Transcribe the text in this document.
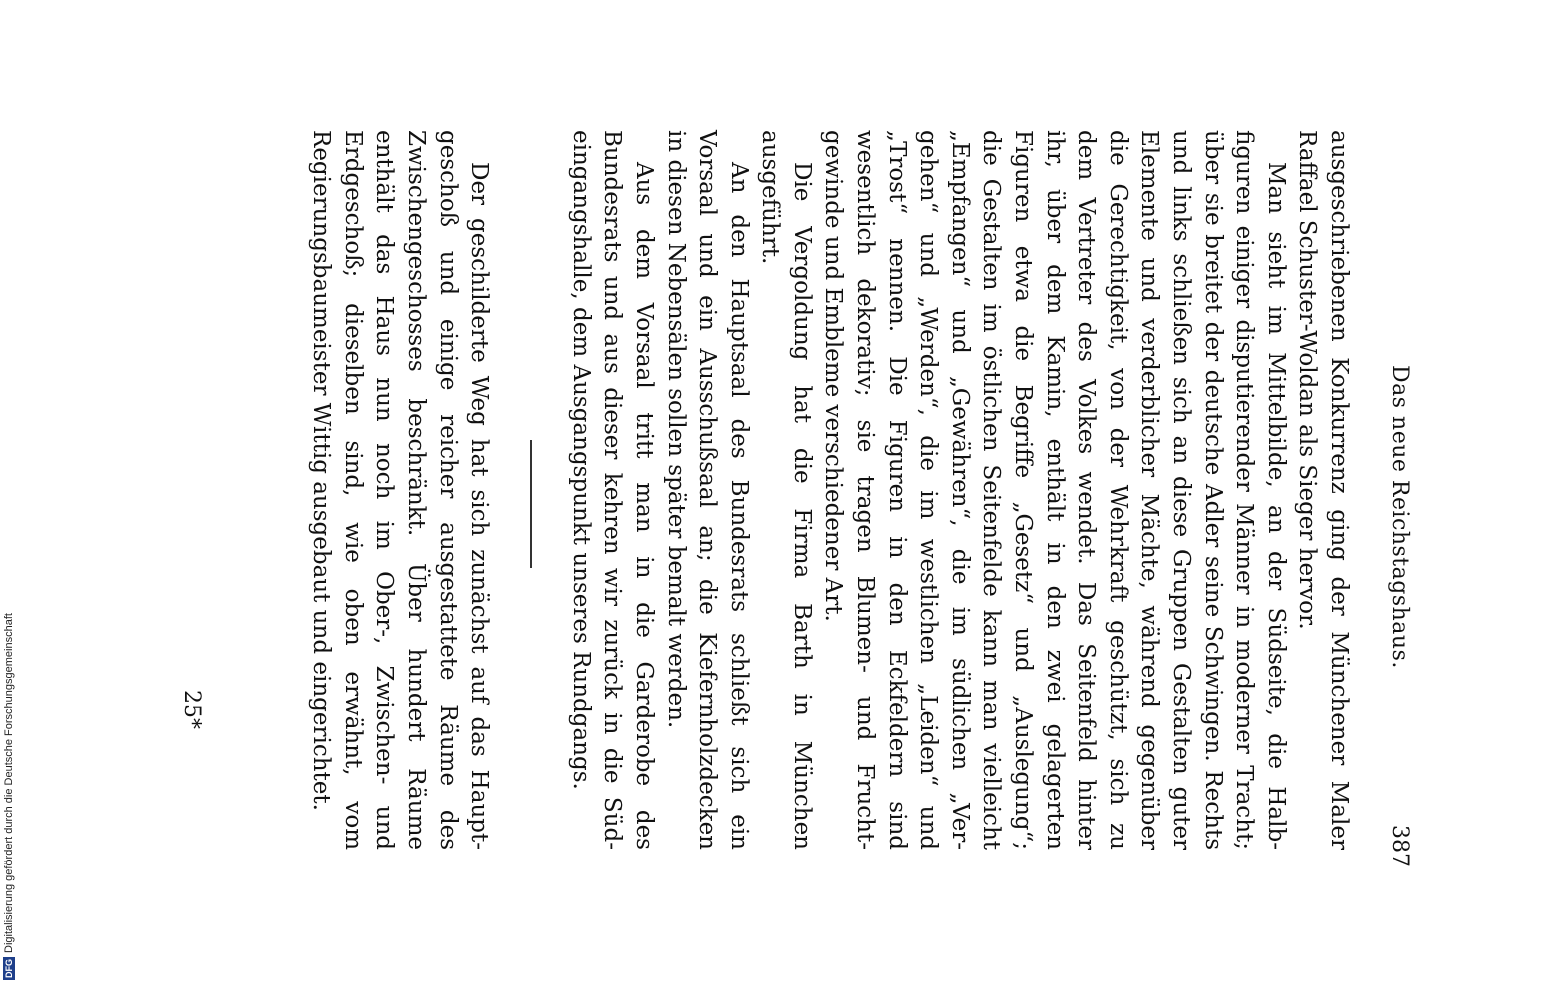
Das neue Reichstagshaus.
387
ausgeschriebenen Konkurrenz ging der Münchener Maler
Raffael Schuster-Woldan als Sieger hervor.
Man sieht im Mittelbilde, an der Südseite, die Halb-
figuren einiger disputierender Männer in moderner Tracht;
über sie breitet der deutsche Adler seine Schwingen. Rechts
und links schließen sich an diese Gruppen Gestalten guter
Elemente und verderblicher Mächte, während gegenüber
die Gerechtigkeit, von der Wehrkraft geschützt, sich zu
dem Vertreter des Volkes wendet. Das Seitenfeld hinter
ihr, über dem Kamin, enthält in den zwei gelagerten
Figuren etwa die Begriffe „Gesetz“ und „Auslegung“;
die Gestalten im östlichen Seitenfelde kann man vielleicht
„Empfangen“ und „Gewähren“, die im südlichen „Ver-
gehen“ und „Werden“, die im westlichen „Leiden“ und
„Trost“ nennen. Die Figuren in den Eckfeldern sind
wesentlich dekorativ; sie tragen Blumen- und Frucht-
gewinde und Embleme verschiedener Art.
Die Vergoldung hat die Firma Barth in München
ausgeführt.
An den Hauptsaal des Bundesrats schließt sich ein
Vorsaal und ein Ausschußsaal an; die Kiefernholzdecken
in diesen Nebensälen sollen später bemalt werden.
Aus dem Vorsaal tritt man in die Garderobe des
Bundesrats und aus dieser kehren wir zurück in die Süd-
eingangshalle, dem Ausgangspunkt unseres Rundgangs.
Der geschilderte Weg hat sich zunächst auf das Haupt-
geschoß und einige reicher ausgestattete Räume des
Zwischengeschosses beschränkt. Über hundert Räume
enthält das Haus nun noch im Ober-, Zwischen- und
Erdgeschoß; dieselben sind, wie oben erwähnt, vom
Regierungsbaumeister Wittig ausgebaut und eingerichtet.
25*
DFG
Digitalisierung gefördert durch die Deutsche Forschungsgemeinschaft
